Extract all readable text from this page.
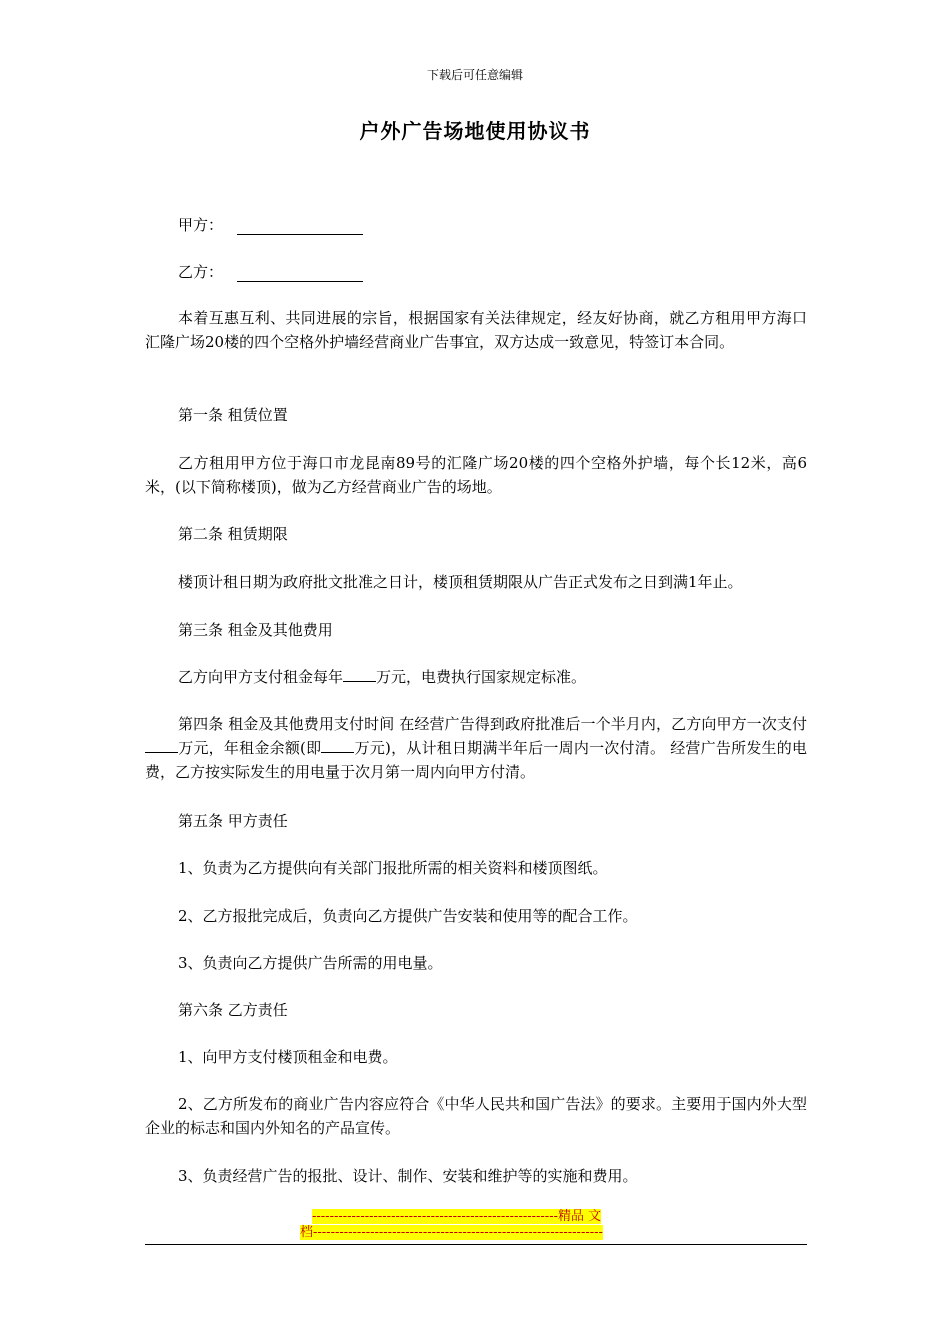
下载后可任意编辑
户外广告场地使用协议书
甲方：
乙方：

本着互惠互利、共同进展的宗旨，根据国家有关法律规定，经友好协商，就乙方租用甲方海口汇隆广场20楼的四个空格外护墙经营商业广告事宜，双方达成一致意见，特签订本合同。

第一条 租赁位置

乙方租用甲方位于海口市龙昆南89号的汇隆广场20楼的四个空格外护墙，每个长12米，高6米，(以下简称楼顶)，做为乙方经营商业广告的场地。

第二条 租赁期限

楼顶计租日期为政府批文批准之日计，楼顶租赁期限从广告正式发布之日到满1年止。

第三条 租金及其他费用

乙方向甲方支付租金每年 万元，电费执行国家规定标准。

第四条 租金及其他费用支付时间 在经营广告得到政府批准后一个半月内，乙方向甲方一次支付万元，年租金余额(即 万元)，从计租日期满半年后一周内一次付清。 经营广告所发生的电费，乙方按实际发生的用电量于次月第一周内向甲方付清。

第五条 甲方责任

1、负责为乙方提供向有关部门报批所需的相关资料和楼顶图纸。

2、乙方报批完成后，负责向乙方提供广告安装和使用等的配合工作。

3、负责向乙方提供广告所需的用电量。

第六条 乙方责任

1、向甲方支付楼顶租金和电费。

2、乙方所发布的商业广告内容应符合《中华人民共和国广告法》的要求。主要用于国内外大型企业的标志和国内外知名的产品宣传。

3、负责经营广告的报批、设计、制作、安装和维护等的实施和费用。

--------------------------------------------------------精品 文
档------------------------------------------------------------------
